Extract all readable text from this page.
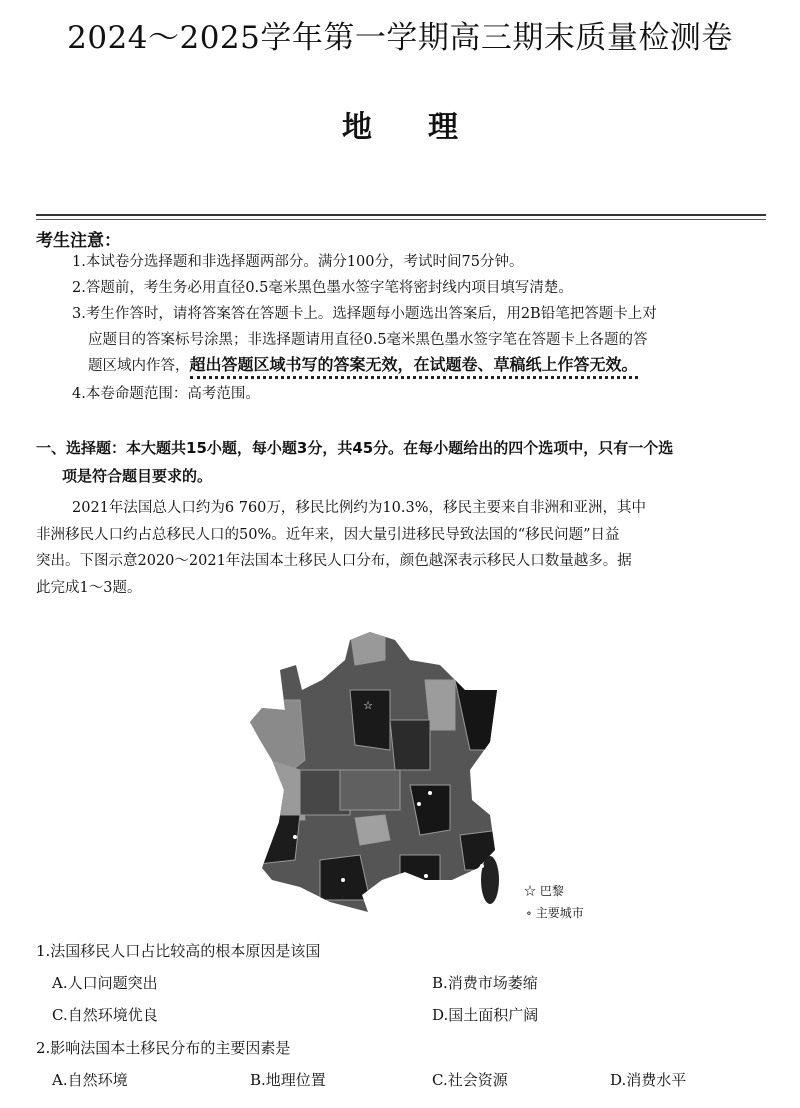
2024～2025学年第一学期高三期末质量检测卷
地 理
考生注意：
1.本试卷分选择题和非选择题两部分。满分100分，考试时间75分钟。
2.答题前，考生务必用直径0.5毫米黑色墨水签字笔将密封线内项目填写清楚。
3.考生作答时，请将答案答在答题卡上。选择题每小题选出答案后，用2B铅笔把答题卡上对
应题目的答案标号涂黑；非选择题请用直径0.5毫米黑色墨水签字笔在答题卡上各题的答
题区域内作答，超出答题区域书写的答案无效，在试题卷、草稿纸上作答无效。
4.本卷命题范围：高考范围。
一、选择题：本大题共15小题，每小题3分，共45分。在每小题给出的四个选项中，只有一个选
项是符合题目要求的。
2021年法国总人口约为6 760万，移民比例约为10.3%，移民主要来自非洲和亚洲，其中
非洲移民人口约占总移民人口的50%。近年来，因大量引进移民导致法国的“移民问题”日益
突出。下图示意2020～2021年法国本土移民人口分布，颜色越深表示移民人口数量越多。据
此完成1～3题。
☆
☆ 巴黎
∘ 主要城市
1.法国移民人口占比较高的根本原因是该国
A.人口问题突出	B.消费市场萎缩
C.自然环境优良	D.国土面积广阔
2.影响法国本土移民分布的主要因素是
A.自然环境	B.地理位置	C.社会资源	D.消费水平
